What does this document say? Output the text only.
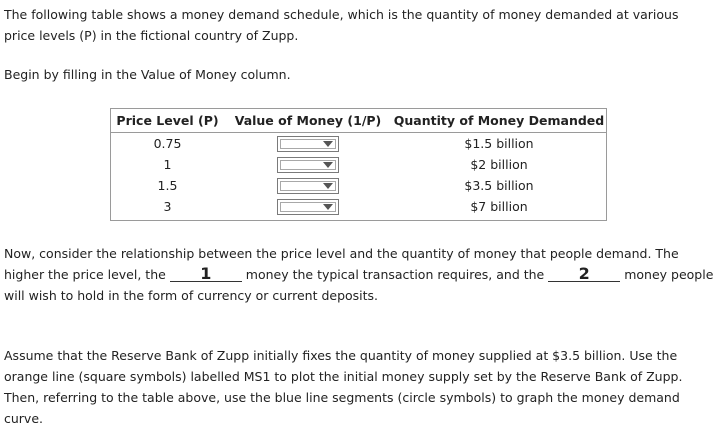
The following table shows a money demand schedule, which is the quantity of money demanded at various price levels (P) in the fictional country of Zupp.

Begin by filling in the Value of Money column.

Price Level (P)	Value of Money (1/P)	Quantity of Money Demanded
0.75		$1.5 billion
1		$2 billion
1.5		$3.5 billion
3		$7 billion

Now, consider the relationship between the price level and the quantity of money that people demand. The higher the price level, the 1	money the typical transaction requires, and the 2	money people will wish to hold in the form of currency or current deposits.

Assume that the Reserve Bank of Zupp initially fixes the quantity of money supplied at $3.5 billion. Use the orange line (square symbols) labelled MS1 to plot the initial money supply set by the Reserve Bank of Zupp. Then, referring to the table above, use the blue line segments (circle symbols) to graph the money demand curve.
